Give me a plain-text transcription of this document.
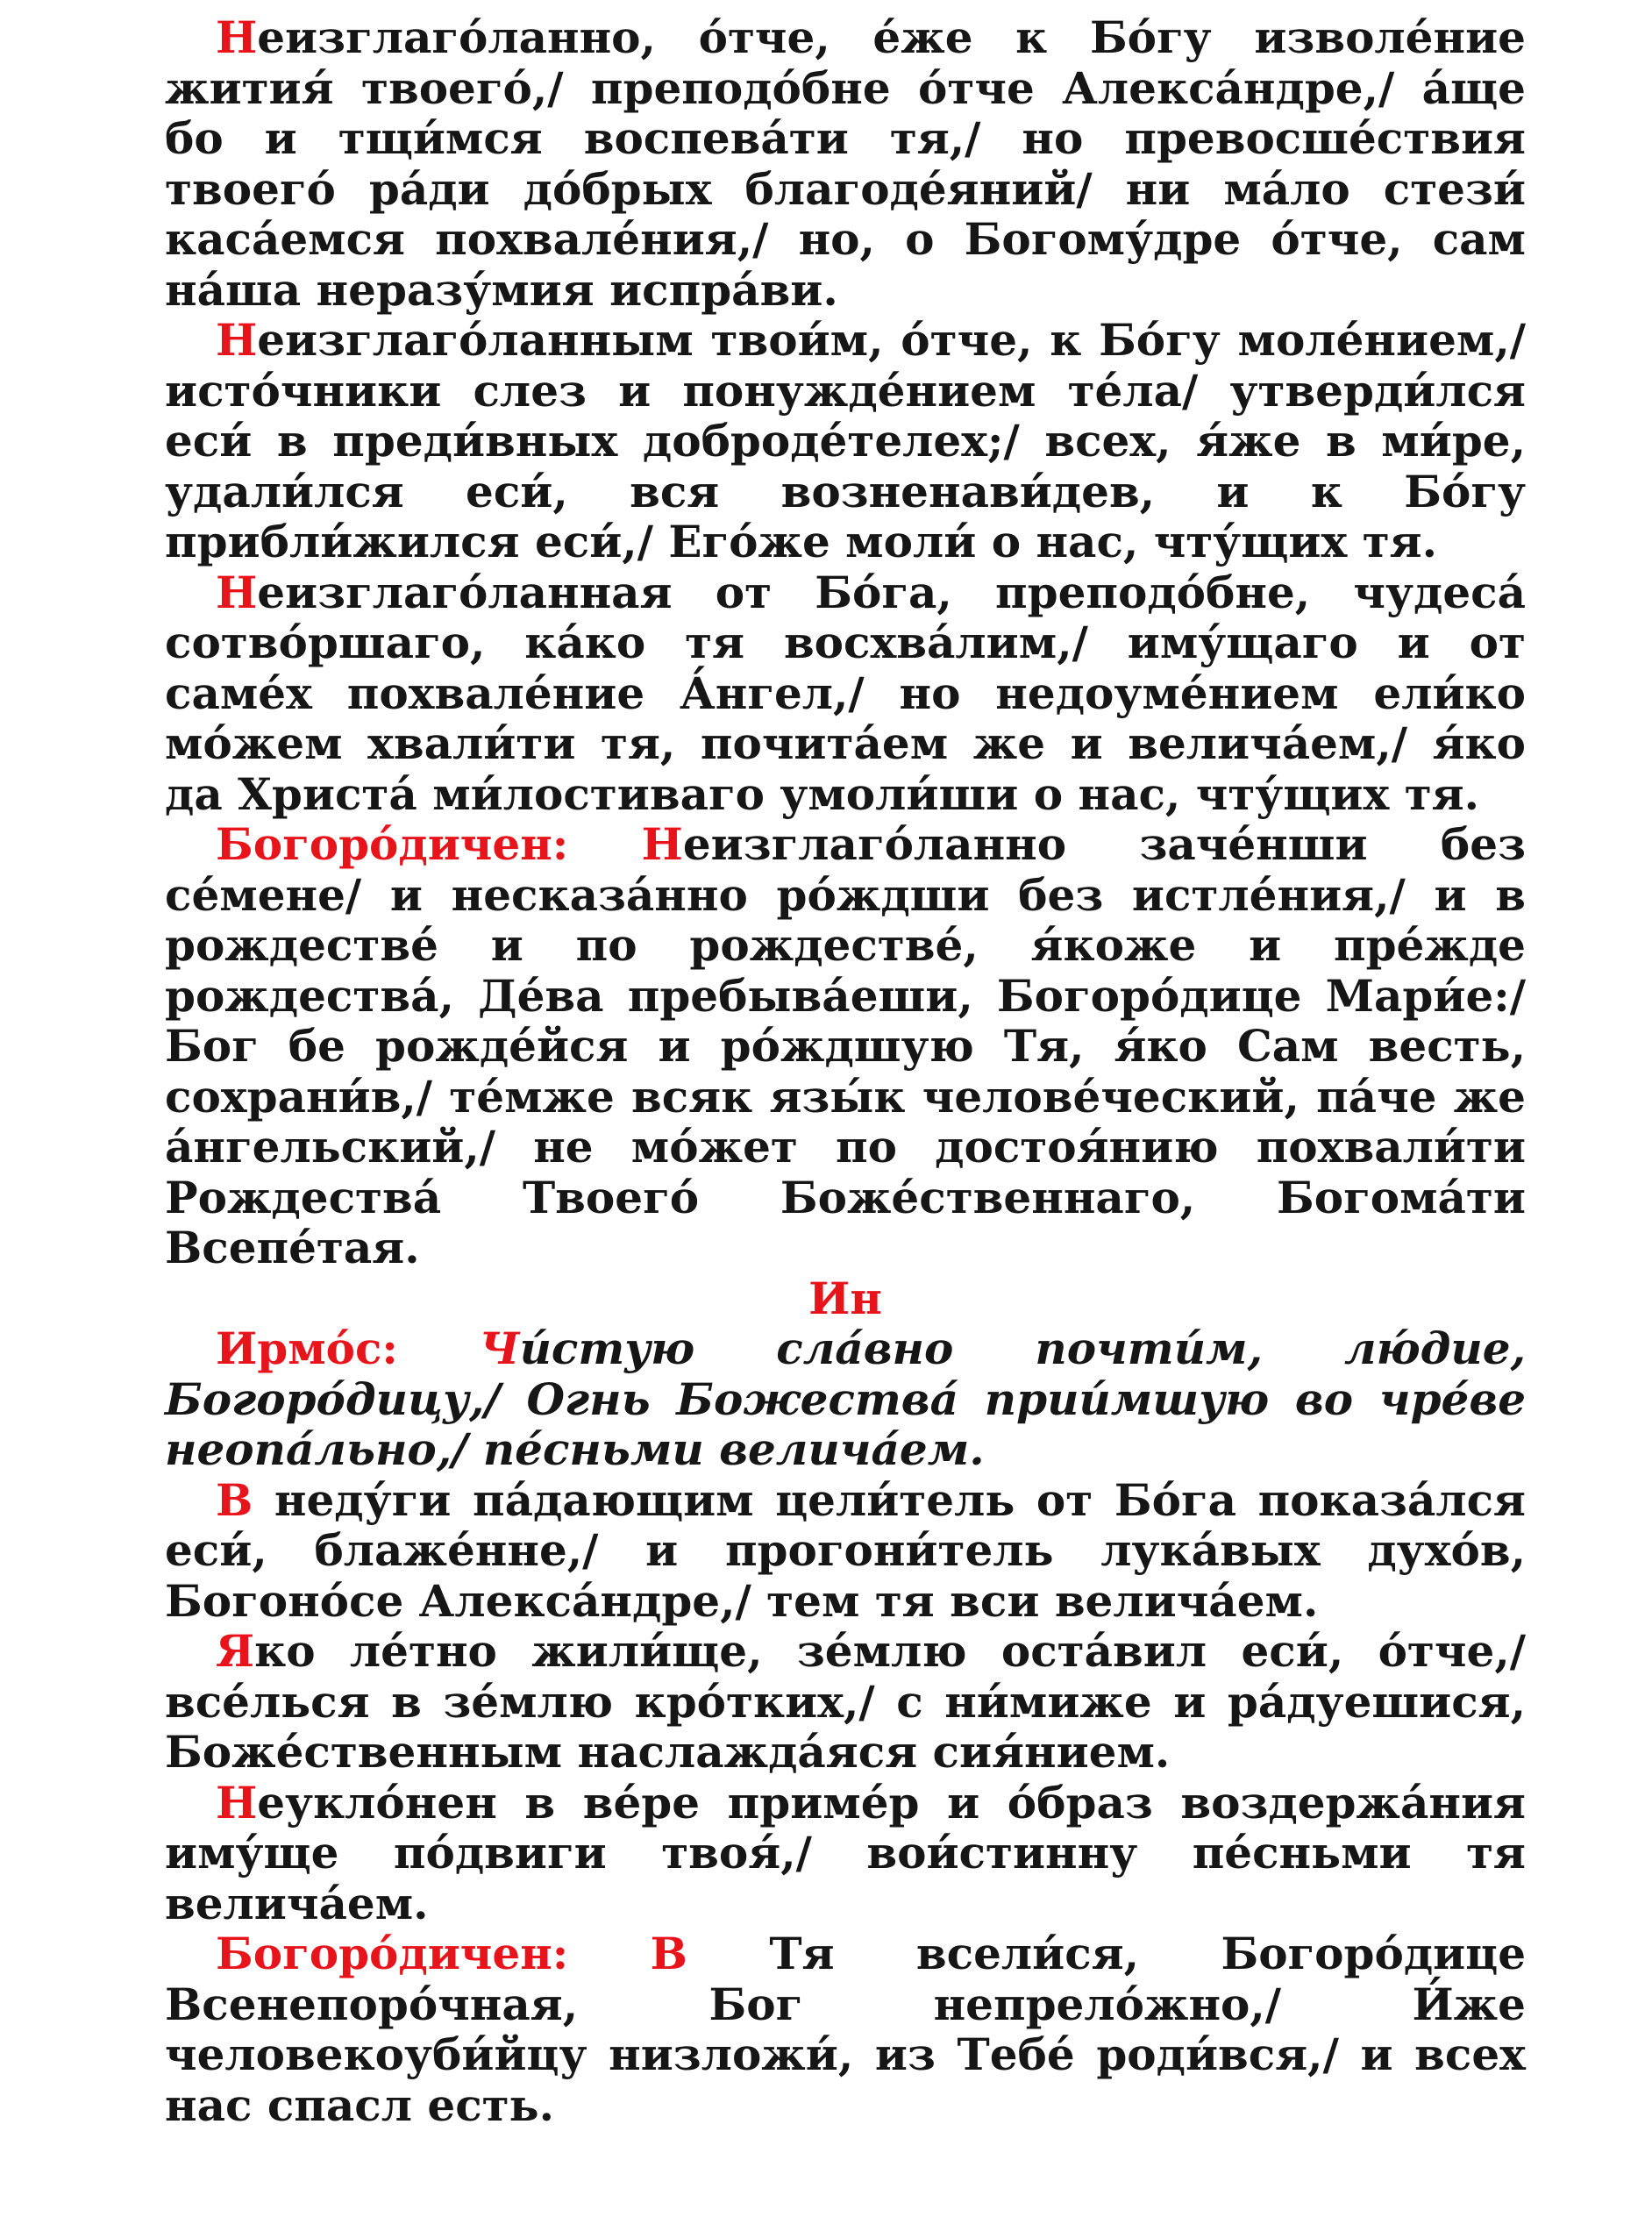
Неизглаго́ланно, о́тче, е́же к Бо́гу изволе́ние жития́ твоего́,/ преподо́бне о́тче Алекса́ндре,/ а́ще бо и тщи́мся воспева́ти тя,/ но превосше́ствия твоего́ ра́ди до́брых благоде́яний/ ни ма́ло стези́ каса́емся похвале́ния,/ но, о Богому́дре о́тче, сам на́ша неразу́мия испра́ви.

Неизглаго́ланным твои́м, о́тче, к Бо́гу моле́нием,/ исто́чники слез и понужде́нием те́ла/ утверди́лся еси́ в преди́вных доброде́телех;/ всех, я́же в ми́ре, удали́лся еси́, вся возненави́дев, и к Бо́гу прибли́жился еси́,/ Его́же моли́ о нас, чту́щих тя.

Неизглаго́ланная от Бо́га, преподо́бне, чудеса́ сотво́ршаго, ка́ко тя восхва́лим,/ иму́щаго и от саме́х похвале́ние А́нгел,/ но недоуме́нием ели́ко мо́жем хвали́ти тя, почита́ем же и велича́ем,/ я́ко да Христа́ ми́лостиваго умоли́ши о нас, чту́щих тя.

Богоро́дичен: Неизглаго́ланно заче́нши без се́мене/ и несказа́нно ро́ждши без истле́ния,/ и в рождестве́ и по рождестве́, я́коже и пре́жде рождества́, Де́ва пребыва́еши, Богоро́дице Мари́е:/ Бог бе рожде́йся и ро́ждшую Тя, я́ко Сам весть, сохрани́в,/ те́мже всяк язы́к челове́ческий, па́че же а́нгельский,/ не мо́жет по достоя́нию похвали́ти Рождества́ Твоего́ Боже́ственнаго, Богома́ти Всепе́тая.

Ин

Ирмо́с: Чи́стую сла́вно почти́м, лю́дие, Богоро́дицу,/ Огнь Божества́ прии́мшую во чре́ве неопа́льно,/ пе́сньми велича́ем.

В неду́ги па́дающим цели́тель от Бо́га показа́лся еси́, блаже́нне,/ и прогони́тель лука́вых духо́в, Богоно́се Алекса́ндре,/ тем тя вси велича́ем.

Яко ле́тно жили́ще, зе́млю оста́вил еси́, о́тче,/ все́лься в зе́млю кро́тких,/ с ни́миже и ра́дуешися, Боже́ственным наслажда́яся сия́нием.

Неукло́нен в ве́ре приме́р и о́браз воздержа́ния иму́ще по́двиги твоя́,/ вои́стинну пе́сньми тя велича́ем.

Богоро́дичен: В Тя всели́ся, Богоро́дице Всенепоро́чная, Бог непрело́жно,/ И́же человекоуби́йцу низложи́, из Тебе́ роди́вся,/ и всех нас спасл есть.
